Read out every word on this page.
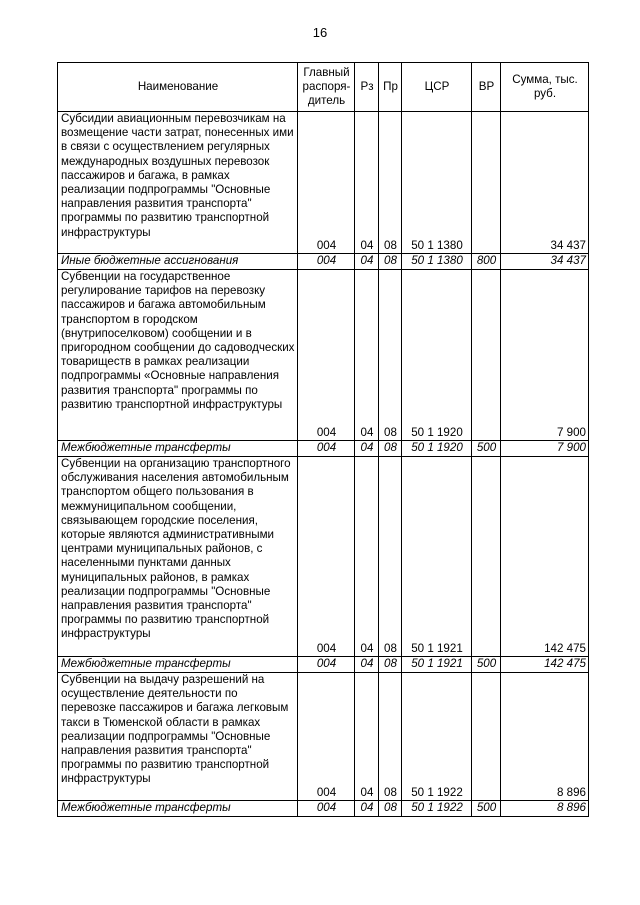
16
Наименование	Главный распоря- дитель	Рз	Пр	ЦСР	ВР	Сумма, тыс. руб.
Субсидии авиационным перевозчикам на возмещение части затрат, понесенных ими в связи с осуществлением регулярных международных воздушных перевозок пассажиров и багажа, в рамках реализации подпрограммы "Основные направления развития транспорта" программы по развитию транспортной инфраструктуры	004	04	08	50 1 1380		34 437
Иные бюджетные ассигнования	004	04	08	50 1 1380	800	34 437
Субвенции на государственное регулирование тарифов на перевозку пассажиров и багажа автомобильным транспортом в городском (внутрипоселковом) сообщении и в пригородном сообщении до садоводческих товариществ в рамках реализации подпрограммы «Основные направления развития транспорта" программы по развитию транспортной инфраструктуры	004	04	08	50 1 1920		7 900
Межбюджетные трансферты	004	04	08	50 1 1920	500	7 900
Субвенции на организацию транспортного обслуживания населения автомобильным транспортом общего пользования в межмуниципальном сообщении, связывающем городские поселения, которые являются административными центрами муниципальных районов, с населенными пунктами данных муниципальных районов, в рамках реализации подпрограммы "Основные направления развития транспорта" программы по развитию транспортной инфраструктуры	004	04	08	50 1 1921		142 475
Межбюджетные трансферты	004	04	08	50 1 1921	500	142 475
Субвенции на выдачу разрешений на осуществление деятельности по перевозке пассажиров и багажа легковым такси в Тюменской области в рамках реализации подпрограммы "Основные направления развития транспорта" программы по развитию транспортной инфраструктуры	004	04	08	50 1 1922		8 896
Межбюджетные трансферты	004	04	08	50 1 1922	500	8 896
